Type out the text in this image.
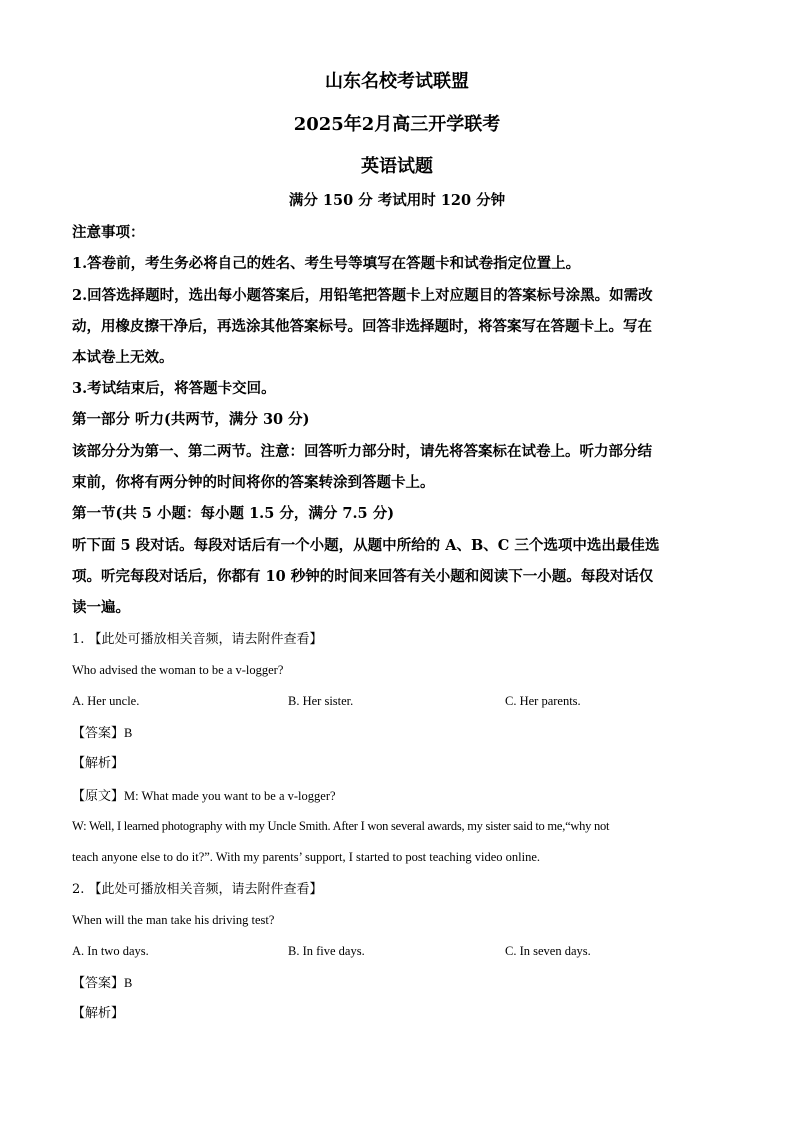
山东名校考试联盟
2025年2月高三开学联考
英语试题
满分 150 分 考试用时 120 分钟
注意事项：
1.答卷前，考生务必将自己的姓名、考生号等填写在答题卡和试卷指定位置上。
2.回答选择题时，选出每小题答案后，用铅笔把答题卡上对应题目的答案标号涂黑。如需改
动，用橡皮擦干净后，再选涂其他答案标号。回答非选择题时，将答案写在答题卡上。写在
本试卷上无效。
3.考试结束后，将答题卡交回。
第一部分 听力(共两节，满分 30 分)
该部分分为第一、第二两节。注意：回答听力部分时，请先将答案标在试卷上。听力部分结
束前，你将有两分钟的时间将你的答案转涂到答题卡上。
第一节(共 5 小题：每小题 1.5 分，满分 7.5 分)
听下面 5 段对话。每段对话后有一个小题，从题中所给的 A、B、C 三个选项中选出最佳选
项。听完每段对话后，你都有 10 秒钟的时间来回答有关小题和阅读下一小题。每段对话仅
读一遍。
1. 【此处可播放相关音频，请去附件查看】
Who advised the woman to be a v-logger?
A. Her uncle.	B. Her sister.	C. Her parents.
【答案】B
【解析】
【原文】M: What made you want to be a v-logger?
W: Well, I learned photography with my Uncle Smith. After I won several awards, my sister said to me,“why not
teach anyone else to do it?”. With my parents’ support, I started to post teaching video online.
2. 【此处可播放相关音频，请去附件查看】
When will the man take his driving test?
A. In two days.	B. In five days.	C. In seven days.
【答案】B
【解析】
